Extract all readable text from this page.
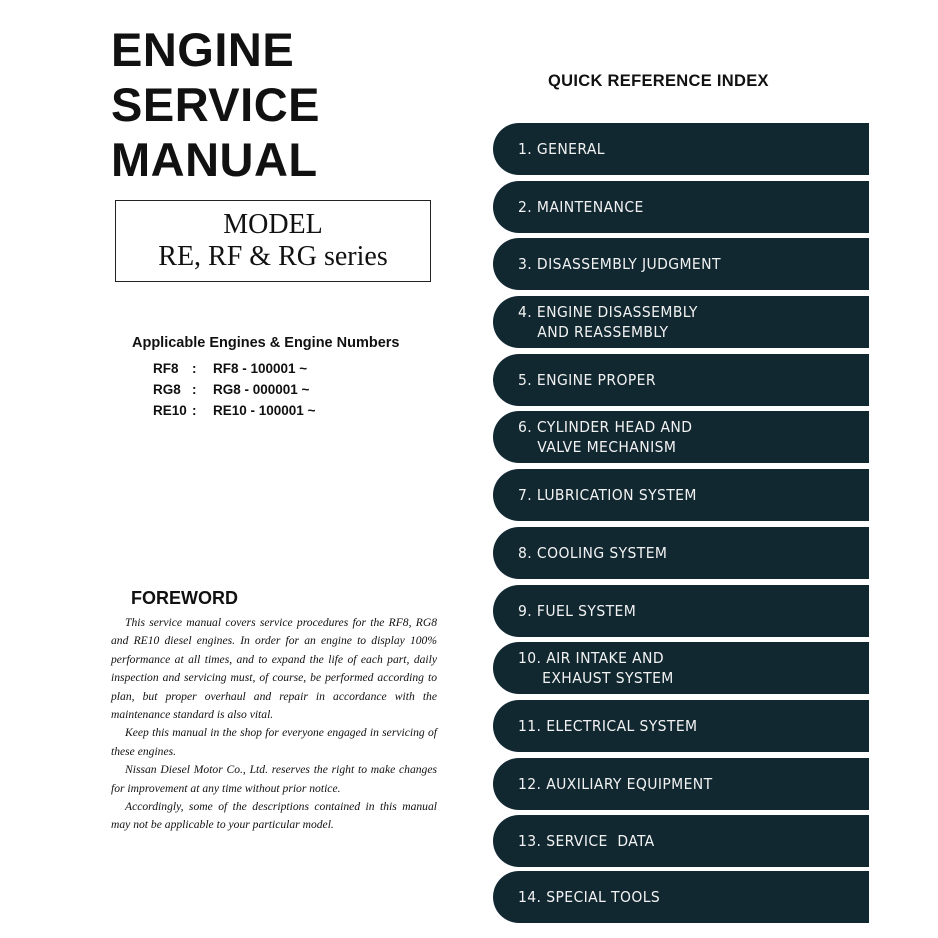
ENGINE
SERVICE
MANUAL
MODEL
RE, RF & RG series
Applicable Engines & Engine Numbers
RF8 : RF8 - 100001 ~
RG8 : RG8 - 000001 ~
RE10 : RE10 - 100001 ~
FOREWORD

This service manual covers service procedures for the RF8, RG8 and RE10 diesel engines. In order for an engine to display 100% performance at all times, and to expand the life of each part, daily inspection and servicing must, of course, be performed according to plan, but proper overhaul and repair in accordance with the maintenance standard is also vital.

Keep this manual in the shop for everyone engaged in servicing of these engines.

Nissan Diesel Motor Co., Ltd. reserves the right to make changes for improvement at any time without prior notice.

Accordingly, some of the descriptions contained in this manual may not be applicable to your particular model.

QUICK REFERENCE INDEX
1. GENERAL
2. MAINTENANCE
3. DISASSEMBLY JUDGMENT
4. ENGINE DISASSEMBLY
AND REASSEMBLY
5. ENGINE PROPER
6. CYLINDER HEAD AND
VALVE MECHANISM
7. LUBRICATION SYSTEM
8. COOLING SYSTEM
9. FUEL SYSTEM
10. AIR INTAKE AND
EXHAUST SYSTEM
11. ELECTRICAL SYSTEM
12. AUXILIARY EQUIPMENT
13. SERVICE  DATA
14. SPECIAL TOOLS
